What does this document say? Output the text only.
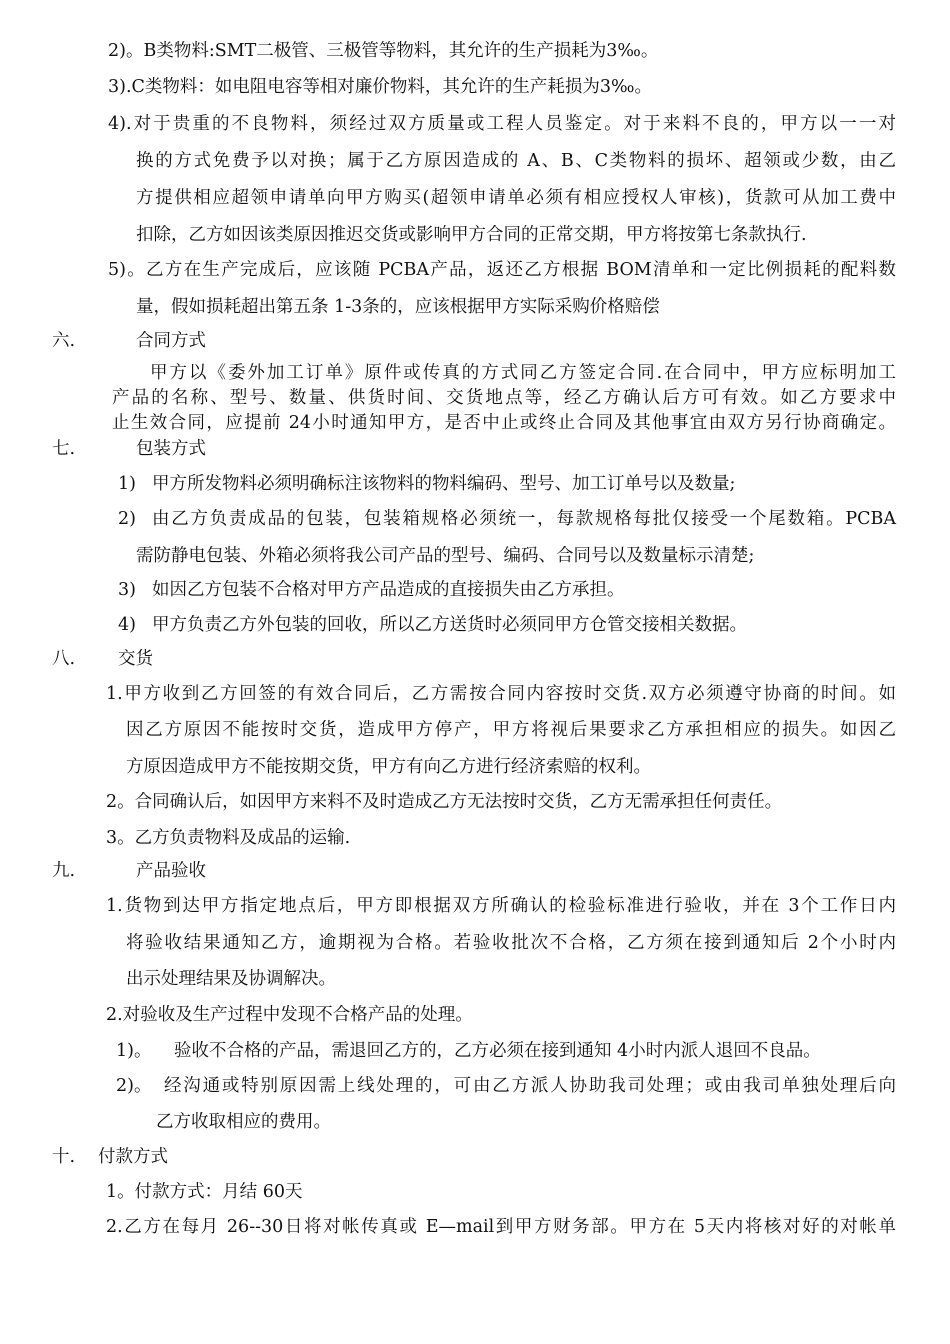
2)。B类物料:SMT二极管、三极管等物料，其允许的生产损耗为3‰。
3).C类物料：如电阻电容等相对廉价物料，其允许的生产耗损为3‰。
4).对于贵重的不良物料，须经过双方质量或工程人员鉴定。对于来料不良的，甲方以一一对
换的方式免费予以对换；属于乙方原因造成的 A、B、C类物料的损坏、超领或少数，由乙
方提供相应超领申请单向甲方购买(超领申请单必须有相应授权人审核)，货款可从加工费中
扣除，乙方如因该类原因推迟交货或影响甲方合同的正常交期，甲方将按第七条款执行.
5)。乙方在生产完成后，应该随 PCBA产品，返还乙方根据 BOM清单和一定比例损耗的配料数
量，假如损耗超出第五条 1-3条的，应该根据甲方实际采购价格赔偿
六.	合同方式
甲方以《委外加工订单》原件或传真的方式同乙方签定合同.在合同中，甲方应标明加工
产品的名称、型号、数量、供货时间、交货地点等，经乙方确认后方可有效。如乙方要求中
止生效合同，应提前 24小时通知甲方，是否中止或终止合同及其他事宜由双方另行协商确定。
七.	包装方式
1) 甲方所发物料必须明确标注该物料的物料编码、型号、加工订单号以及数量;
2) 由乙方负责成品的包装，包装箱规格必须统一，每款规格每批仅接受一个尾数箱。PCBA
需防静电包装、外箱必须将我公司产品的型号、编码、合同号以及数量标示清楚;
3) 如因乙方包装不合格对甲方产品造成的直接损失由乙方承担。
4) 甲方负责乙方外包装的回收，所以乙方送货时必须同甲方仓管交接相关数据。
八. 交货
1.甲方收到乙方回签的有效合同后，乙方需按合同内容按时交货.双方必须遵守协商的时间。如
因乙方原因不能按时交货，造成甲方停产，甲方将视后果要求乙方承担相应的损失。如因乙
方原因造成甲方不能按期交货，甲方有向乙方进行经济索赔的权利。
2。合同确认后，如因甲方来料不及时造成乙方无法按时交货，乙方无需承担任何责任。
3。乙方负责物料及成品的运输.
九.	产品验收
1.货物到达甲方指定地点后，甲方即根据双方所确认的检验标准进行验收，并在 3个工作日内
将验收结果通知乙方，逾期视为合格。若验收批次不合格，乙方须在接到通知后 2个小时内
出示处理结果及协调解决。
2.对验收及生产过程中发现不合格产品的处理。
1)。 验收不合格的产品，需退回乙方的，乙方必须在接到通知 4小时内派人退回不良品。
2)。 经沟通或特别原因需上线处理的，可由乙方派人协助我司处理；或由我司单独处理后向
乙方收取相应的费用。
十. 付款方式
1。付款方式：月结 60天
2.乙方在每月 26--30日将对帐传真或 E—mail到甲方财务部。甲方在 5天内将核对好的对帐单
